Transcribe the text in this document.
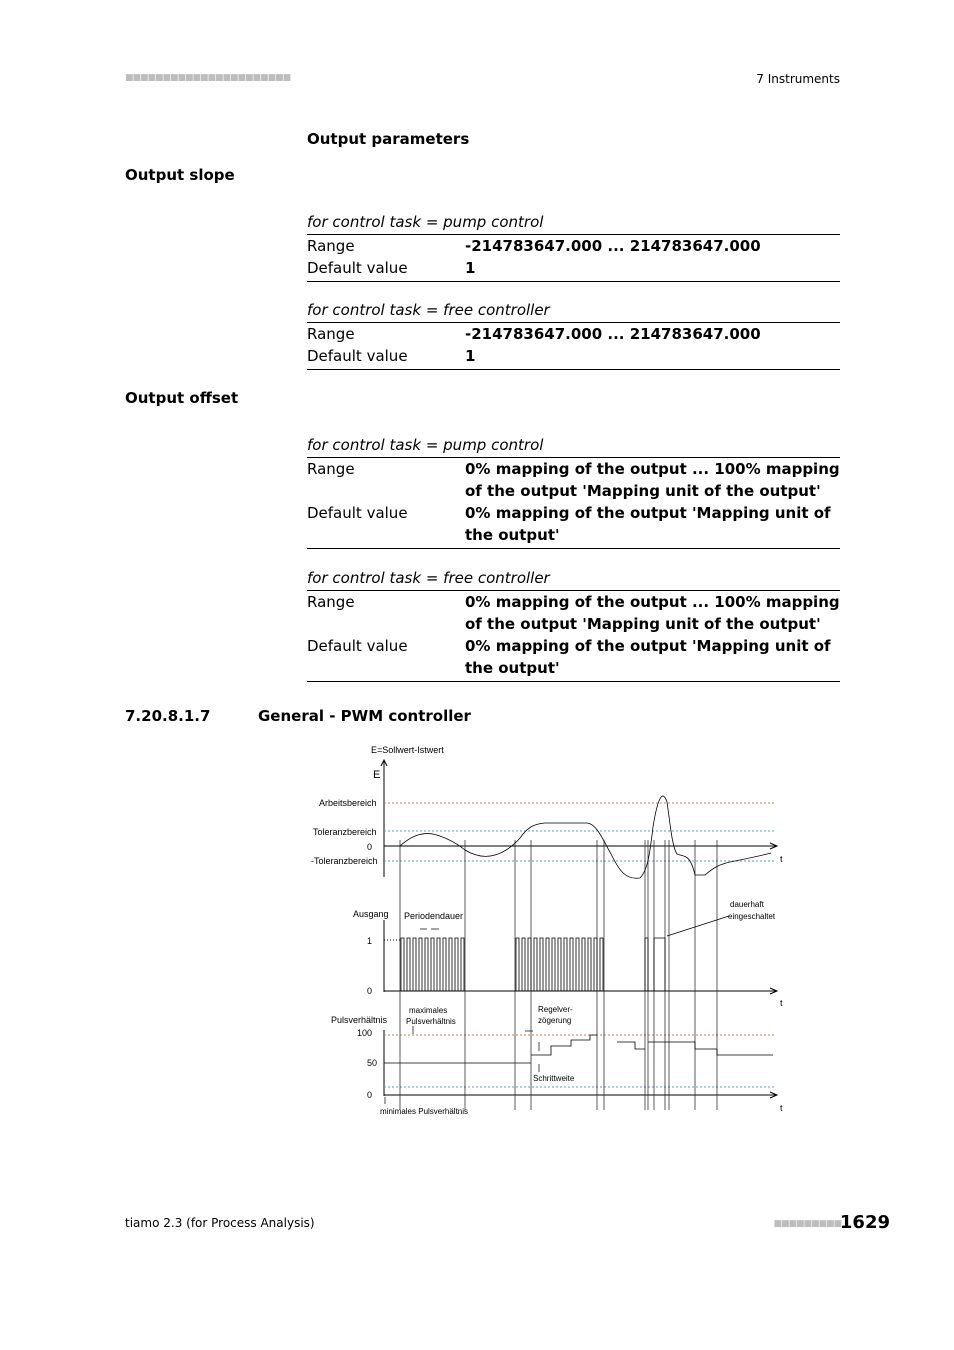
■■■■■■■■■■■■■■■■■■■■■■	7 Instruments
Output parameters
Output slope
for control task = pump control
Range	-214783647.000 ... 214783647.000
Default value	1
for control task = free controller
Range	-214783647.000 ... 214783647.000
Default value	1
Output offset
for control task = pump control
Range	0% mapping of the output ... 100% mapping of the output 'Mapping unit of the output'
Default value	0% mapping of the output 'Mapping unit of the output'
for control task = free controller
Range	0% mapping of the output ... 100% mapping of the output 'Mapping unit of the output'
Default value	0% mapping of the output 'Mapping unit of the output'
7.20.8.1.7	General - PWM controller
E=Sollwert-Istwert
E
Arbeitsbereich
Toleranzbereich
0
-Toleranzbereich	t
Ausgang Periodendauer
1
0
t
dauerhaft
eingeschaltet
Pulsverhältnis
maximales
Pulsverhältnis
Regelver-
zögerung
100
50
Schrittweite
0
t
minimales Pulsverhältnis
tiamo 2.3 (for Process Analysis)	■■■■■■■■■
1629
